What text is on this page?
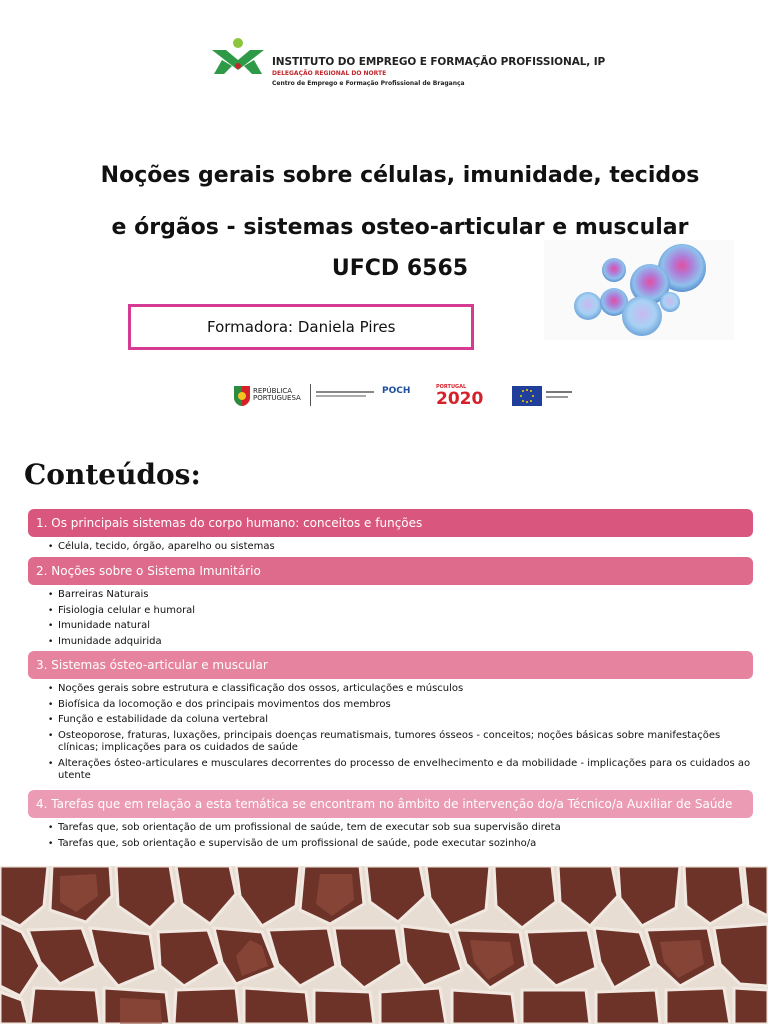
INSTITUTO DO EMPREGO E FORMAÇÃO PROFISSIONAL, IP
DELEGAÇÃO REGIONAL DO NORTE
Centro de Emprego e Formação Profissional de Bragança
Noções gerais sobre células, imunidade, tecidos
e órgãos - sistemas osteo-articular e muscular
UFCD 6565
Formadora: Daniela Pires
REPÚBLICA
PORTUGUESA
POCH	PORTUGAL
2020
Conteúdos:
1. Os principais sistemas do corpo humano: conceitos e funções
• Célula, tecido, órgão, aparelho ou sistemas
2. Noções sobre o Sistema Imunitário
• Barreiras Naturais
• Fisiologia celular e humoral
• Imunidade natural
• Imunidade adquirida
3. Sistemas ósteo-articular e muscular
• Noções gerais sobre estrutura e classificação dos ossos, articulações e músculos
• Biofísica da locomoção e dos principais movimentos dos membros
• Função e estabilidade da coluna vertebral
• Osteoporose, fraturas, luxações, principais doenças reumatismais, tumores ósseos - conceitos; noções básicas sobre manifestações clínicas; implicações para os cuidados de saúde
• Alterações ósteo-articulares e musculares decorrentes do processo de envelhecimento e da mobilidade - implicações para os cuidados ao utente
4. Tarefas que em relação a esta temática se encontram no âmbito de intervenção do/a Técnico/a Auxiliar de Saúde
• Tarefas que, sob orientação de um profissional de saúde, tem de executar sob sua supervisão direta
• Tarefas que, sob orientação e supervisão de um profissional de saúde, pode executar sozinho/a
